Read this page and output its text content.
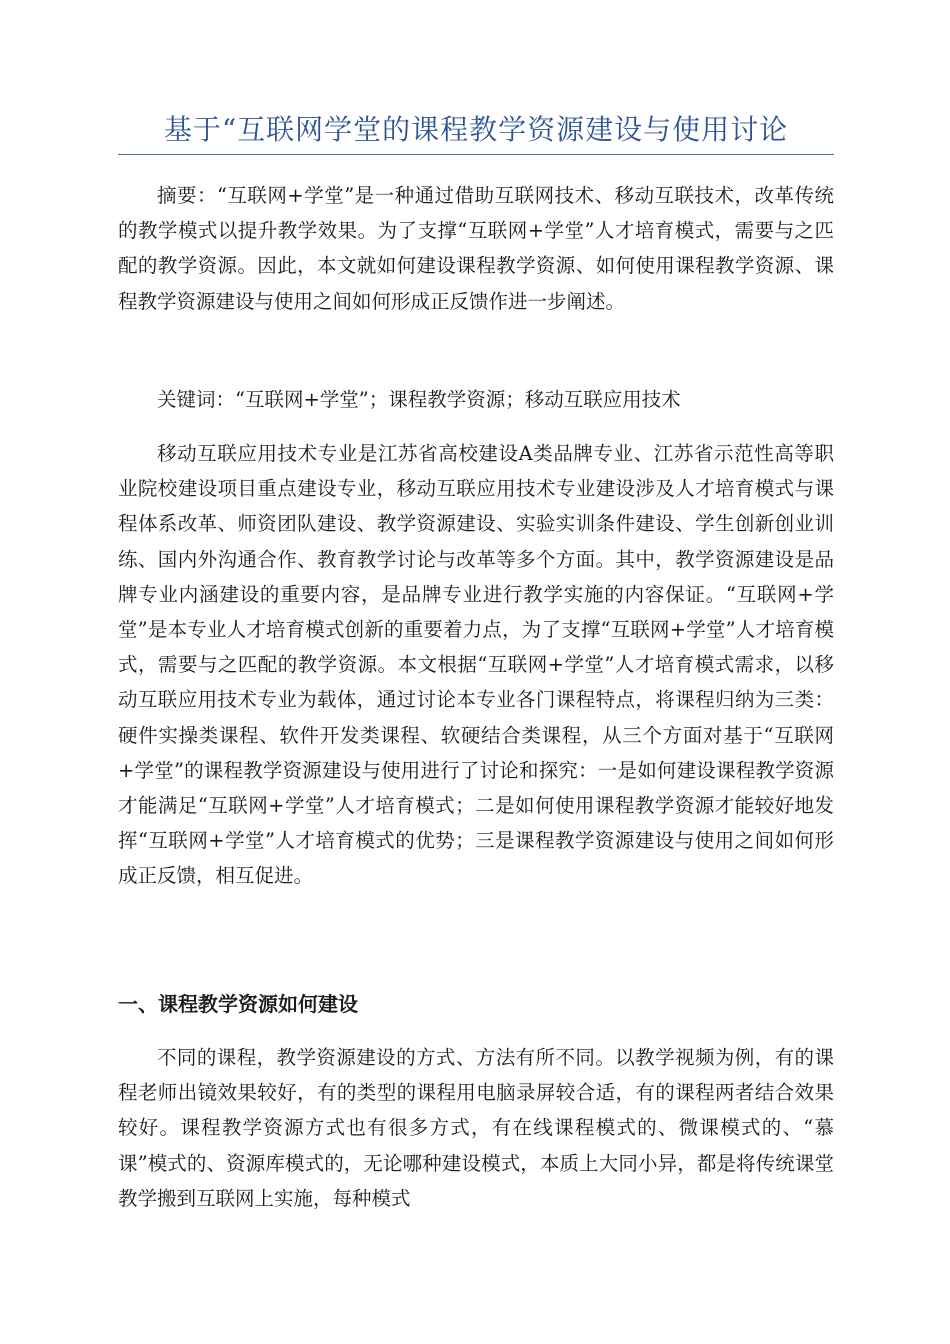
基于“互联网学堂的课程教学资源建设与使用讨论

摘要：“互联网+学堂”是一种通过借助互联网技术、移动互联技术，改革传统的教学模式以提升教学效果。为了支撑“互联网+学堂”人才培育模式，需要与之匹配的教学资源。因此，本文就如何建设课程教学资源、如何使用课程教学资源、课程教学资源建设与使用之间如何形成正反馈作进一步阐述。

关键词：“互联网+学堂”；课程教学资源；移动互联应用技术

移动互联应用技术专业是江苏省高校建设A类品牌专业、江苏省示范性高等职业院校建设项目重点建设专业，移动互联应用技术专业建设涉及人才培育模式与课程体系改革、师资团队建设、教学资源建设、实验实训条件建设、学生创新创业训练、国内外沟通合作、教育教学讨论与改革等多个方面。其中，教学资源建设是品牌专业内涵建设的重要内容，是品牌专业进行教学实施的内容保证。“互联网+学堂”是本专业人才培育模式创新的重要着力点，为了支撑“互联网+学堂”人才培育模式，需要与之匹配的教学资源。本文根据“互联网+学堂”人才培育模式需求，以移动互联应用技术专业为载体，通过讨论本专业各门课程特点，将课程归纳为三类：硬件实操类课程、软件开发类课程、软硬结合类课程，从三个方面对基于“互联网+学堂”的课程教学资源建设与使用进行了讨论和探究：一是如何建设课程教学资源才能满足“互联网+学堂”人才培育模式；二是如何使用课程教学资源才能较好地发挥“互联网+学堂”人才培育模式的优势；三是课程教学资源建设与使用之间如何形成正反馈，相互促进。

一、课程教学资源如何建设

不同的课程，教学资源建设的方式、方法有所不同。以教学视频为例，有的课程老师出镜效果较好，有的类型的课程用电脑录屏较合适，有的课程两者结合效果较好。课程教学资源方式也有很多方式，有在线课程模式的、微课模式的、“慕课”模式的、资源库模式的，无论哪种建设模式，本质上大同小异，都是将传统课堂教学搬到互联网上实施，每种模式
